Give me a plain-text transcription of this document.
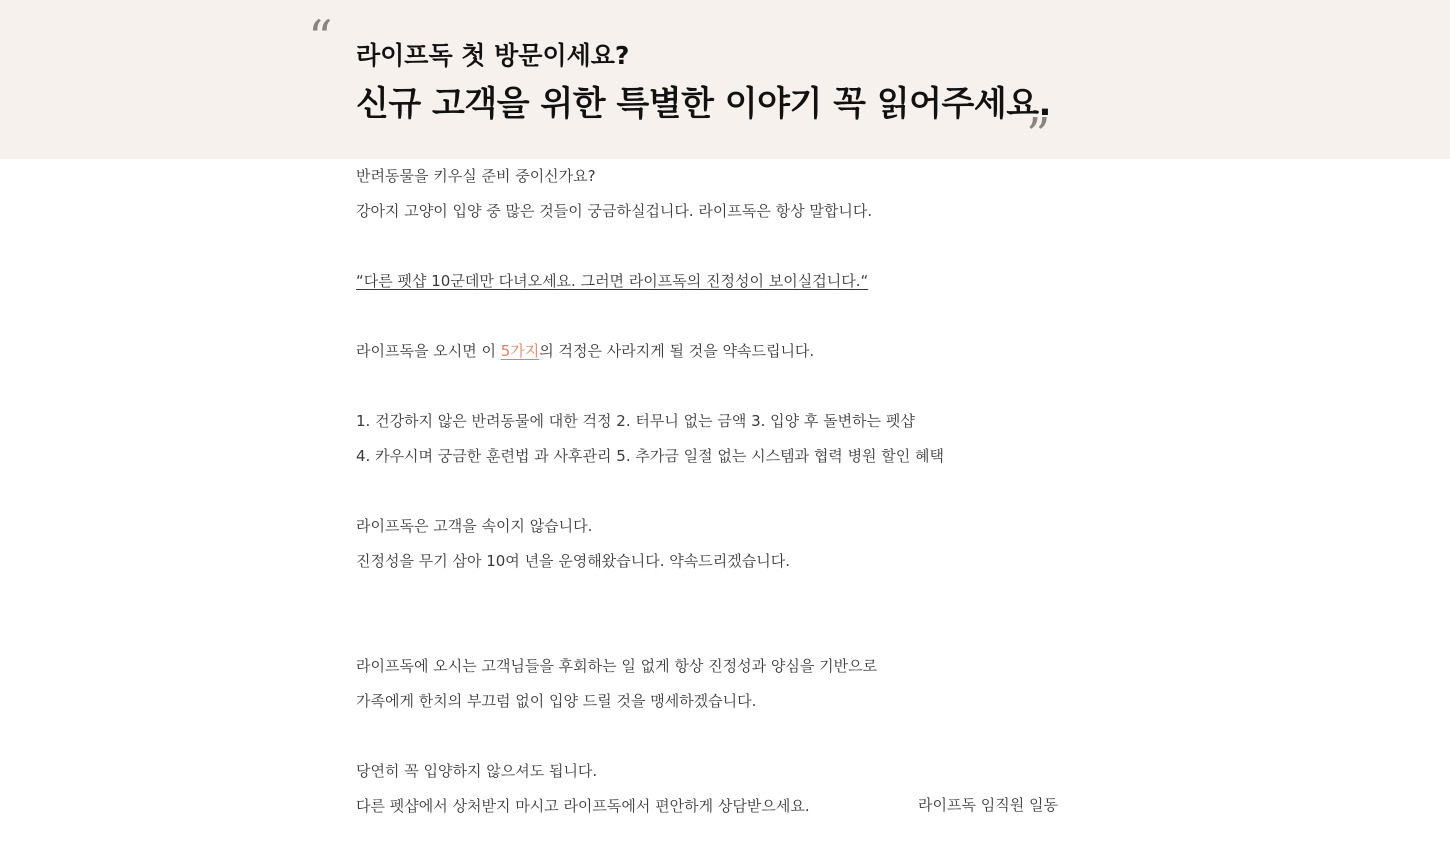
“ 라이프독 첫 방문이세요?
신규 고객을 위한 특별한 이야기 꼭 읽어주세요.
”
반려동물을 키우실 준비 중이신가요?
강아지 고양이 입양 중 많은 것들이 궁금하실겁니다. 라이프독은 항상 말합니다.
“다른 펫샵 10군데만 다녀오세요. 그러면 라이프독의 진정성이 보이실겁니다.“
라이프독을 오시면 이 5가지의 걱정은 사라지게 될 것을 약속드립니다.
1. 건강하지 않은 반려동물에 대한 걱정 2. 터무니 없는 금액 3. 입양 후 돌변하는 펫샵
4. 카우시며 궁금한 훈련법 과 사후관리 5. 추가금 일절 없는 시스템과 협력 병원 할인 혜택
라이프독은 고객을 속이지 않습니다.
진정성을 무기 삼아 10여 년을 운영해왔습니다. 약속드리겠습니다.
라이프독에 오시는 고객님들을 후회하는 일 없게 항상 진정성과 양심을 기반으로
가족에게 한치의 부끄럼 없이 입양 드릴 것을 맹세하겠습니다.
당연히 꼭 입양하지 않으셔도 됩니다.
다른 펫샵에서 상처받지 마시고 라이프독에서 편안하게 상담받으세요.	라이프독 임직원 일동
